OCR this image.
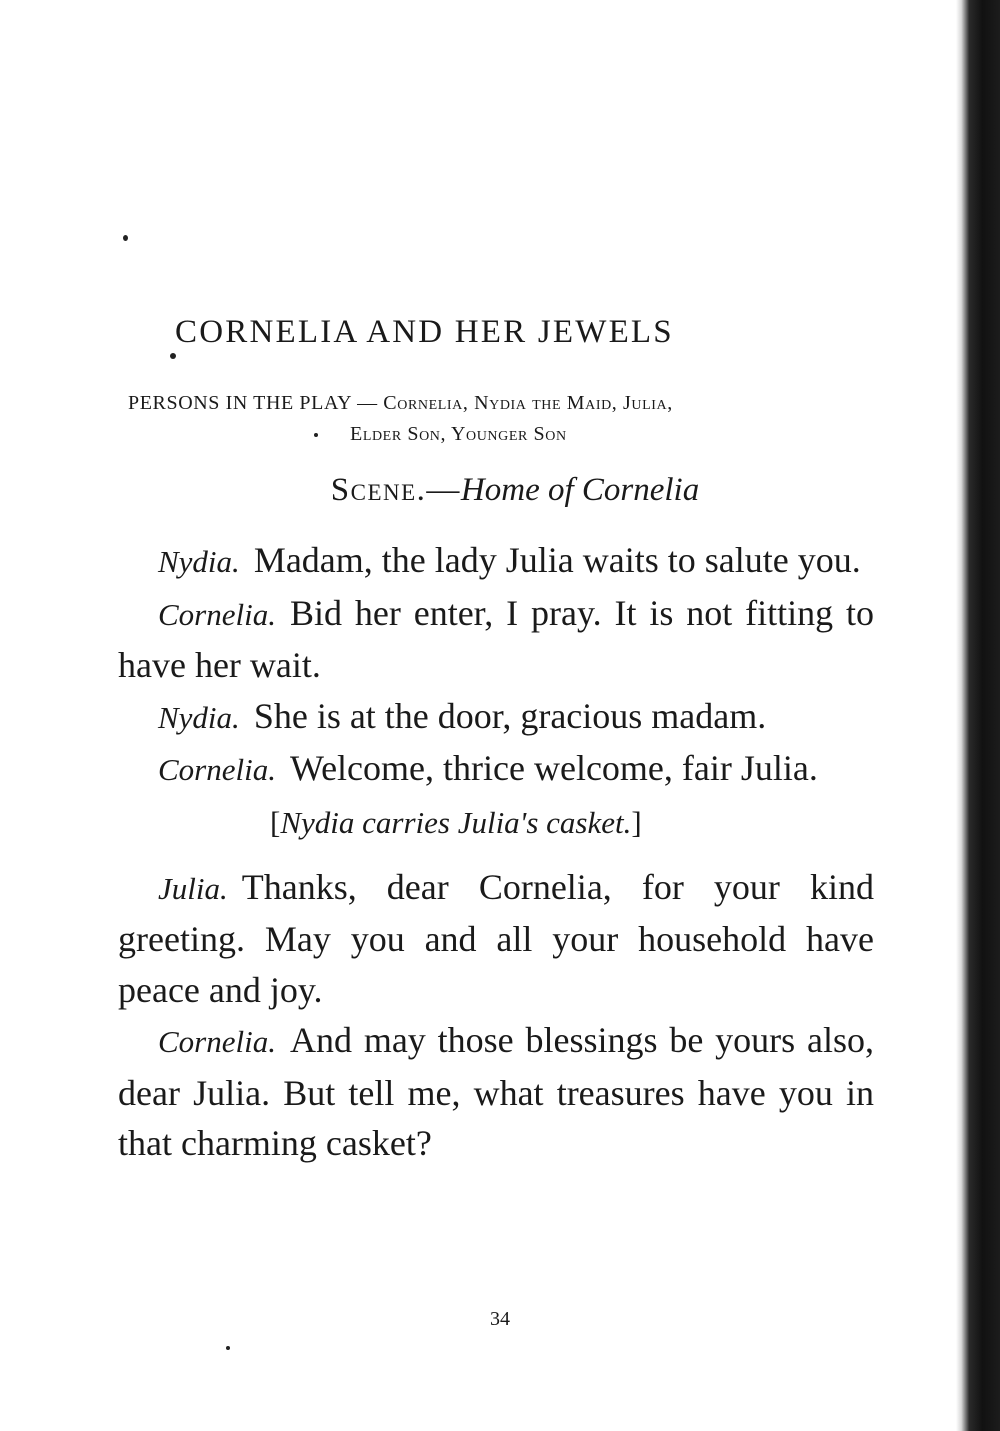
CORNELIA AND HER JEWELS
PERSONS IN THE PLAY — Cornelia, Nydia the Maid, Julia,
Elder Son, Younger Son
Scene.—Home of Cornelia

Nydia. Madam, the lady Julia waits to salute you.

Cornelia. Bid her enter, I pray. It is not fitting to have her wait.

Nydia. She is at the door, gracious madam.

Cornelia. Welcome, thrice welcome, fair Julia.

[Nydia carries Julia's casket.]

Julia. Thanks, dear Cornelia, for your kind greeting. May you and all your household have peace and joy.

Cornelia. And may those blessings be yours also, dear Julia. But tell me, what treasures have you in that charming casket?

34
